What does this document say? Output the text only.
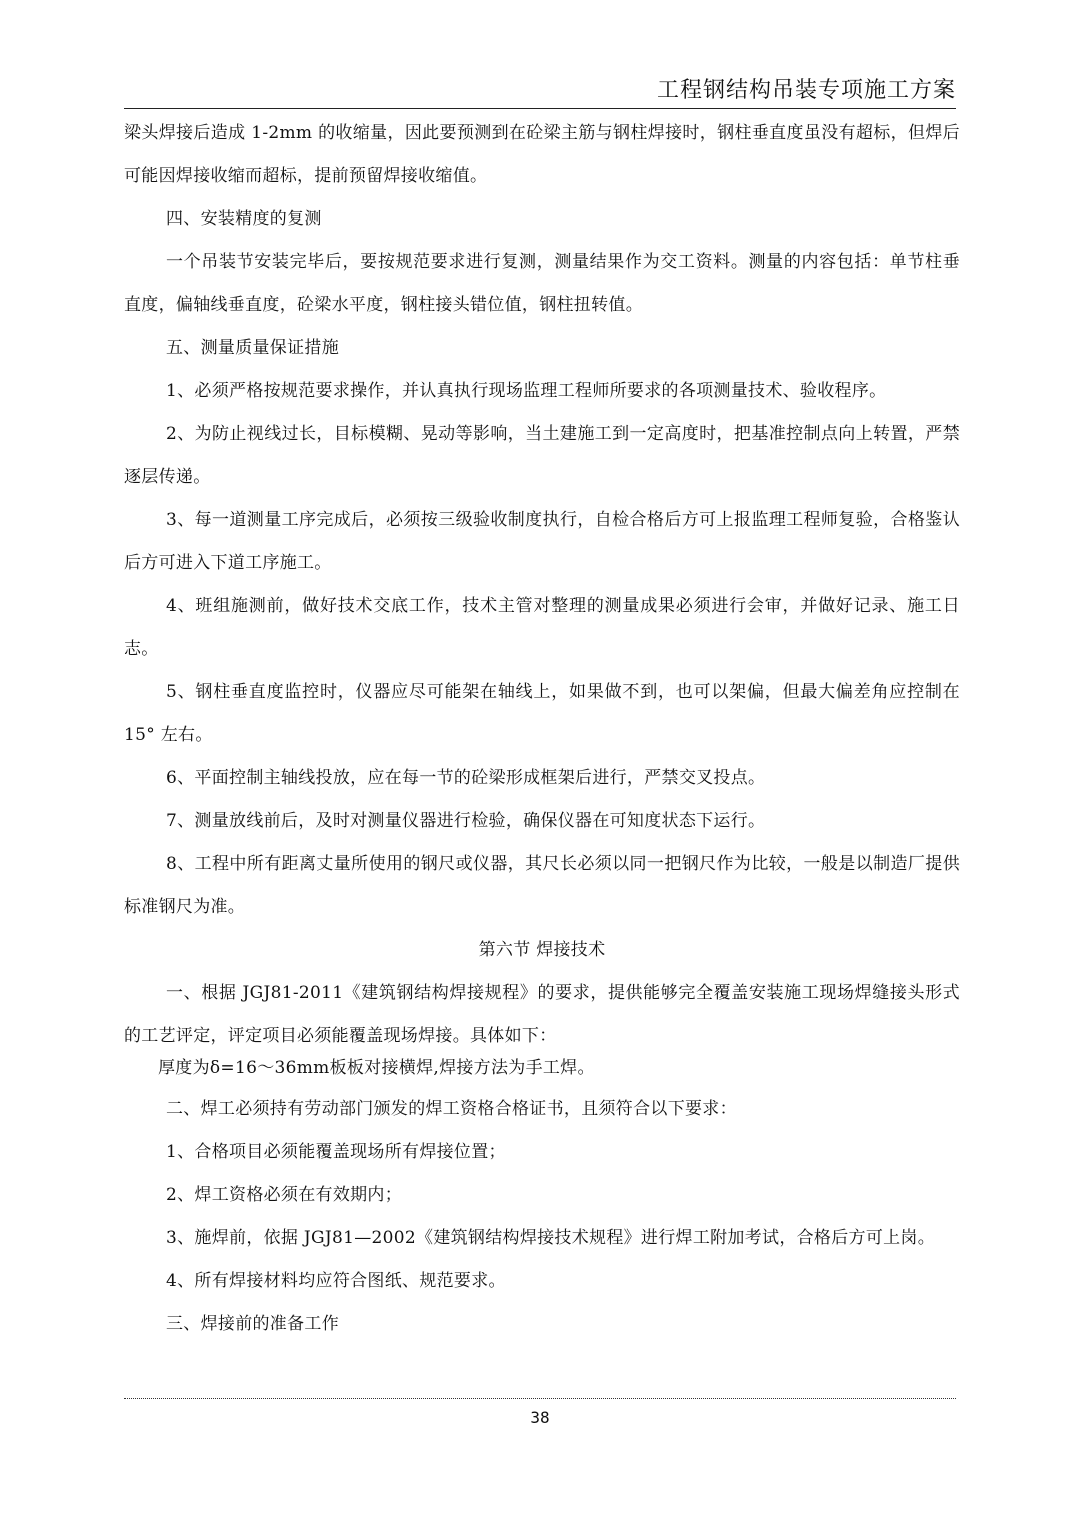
工程钢结构吊装专项施工方案

梁头焊接后造成 1-2mm 的收缩量，因此要预测到在砼梁主筋与钢柱焊接时，钢柱垂直度虽没有超标，但焊后可能因焊接收缩而超标，提前预留焊接收缩值。

四、安装精度的复测

一个吊装节安装完毕后，要按规范要求进行复测，测量结果作为交工资料。测量的内容包括：单节柱垂直度，偏轴线垂直度，砼梁水平度，钢柱接头错位值，钢柱扭转值。

五、测量质量保证措施

1、必须严格按规范要求操作，并认真执行现场监理工程师所要求的各项测量技术、验收程序。

2、为防止视线过长，目标模糊、晃动等影响，当土建施工到一定高度时，把基准控制点向上转置，严禁逐层传递。

3、每一道测量工序完成后，必须按三级验收制度执行，自检合格后方可上报监理工程师复验，合格鉴认后方可进入下道工序施工。

4、班组施测前，做好技术交底工作，技术主管对整理的测量成果必须进行会审，并做好记录、施工日志。

5、钢柱垂直度监控时，仪器应尽可能架在轴线上，如果做不到，也可以架偏，但最大偏差角应控制在 15° 左右。

6、平面控制主轴线投放，应在每一节的砼梁形成框架后进行，严禁交叉投点。

7、测量放线前后，及时对测量仪器进行检验，确保仪器在可知度状态下运行。

8、工程中所有距离丈量所使用的钢尺或仪器，其尺长必须以同一把钢尺作为比较，一般是以制造厂提供标准钢尺为准。

第六节 焊接技术

一、根据 JGJ81-2011《建筑钢结构焊接规程》的要求，提供能够完全覆盖安装施工现场焊缝接头形式的工艺评定，评定项目必须能覆盖现场焊接。具体如下：

厚度为δ=16～36mm板板对接横焊,焊接方法为手工焊。

二、焊工必须持有劳动部门颁发的焊工资格合格证书，且须符合以下要求：

1、合格项目必须能覆盖现场所有焊接位置；

2、焊工资格必须在有效期内；

3、施焊前，依据 JGJ81—2002《建筑钢结构焊接技术规程》进行焊工附加考试，合格后方可上岗。

4、所有焊接材料均应符合图纸、规范要求。

三、焊接前的准备工作

38
